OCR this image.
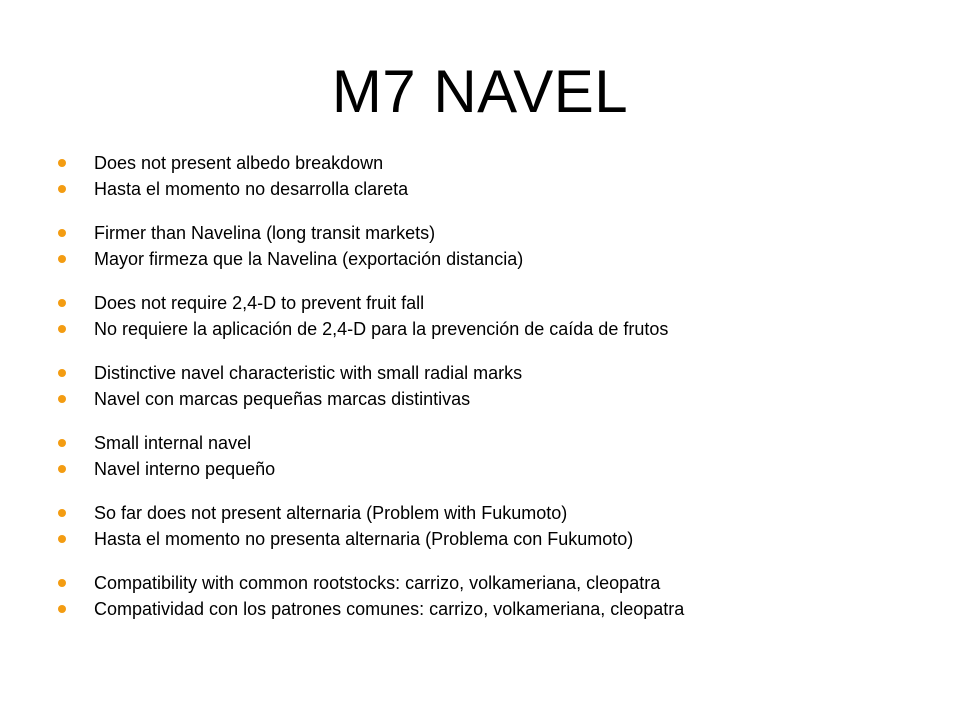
M7 NAVEL
Does not present albedo breakdown
Hasta el momento no desarrolla clareta
Firmer than Navelina (long transit markets)
Mayor firmeza que la Navelina (exportación distancia)
Does not require 2,4-D to prevent fruit fall
No requiere la aplicación de 2,4-D para la prevención de caída de frutos
Distinctive navel characteristic with small radial marks
Navel con marcas pequeñas marcas distintivas
Small internal navel
Navel interno pequeño
So far does not present alternaria (Problem with Fukumoto)
Hasta el momento no presenta alternaria (Problema con Fukumoto)
Compatibility with common rootstocks: carrizo, volkameriana, cleopatra
Compatividad con los patrones comunes: carrizo, volkameriana, cleopatra
